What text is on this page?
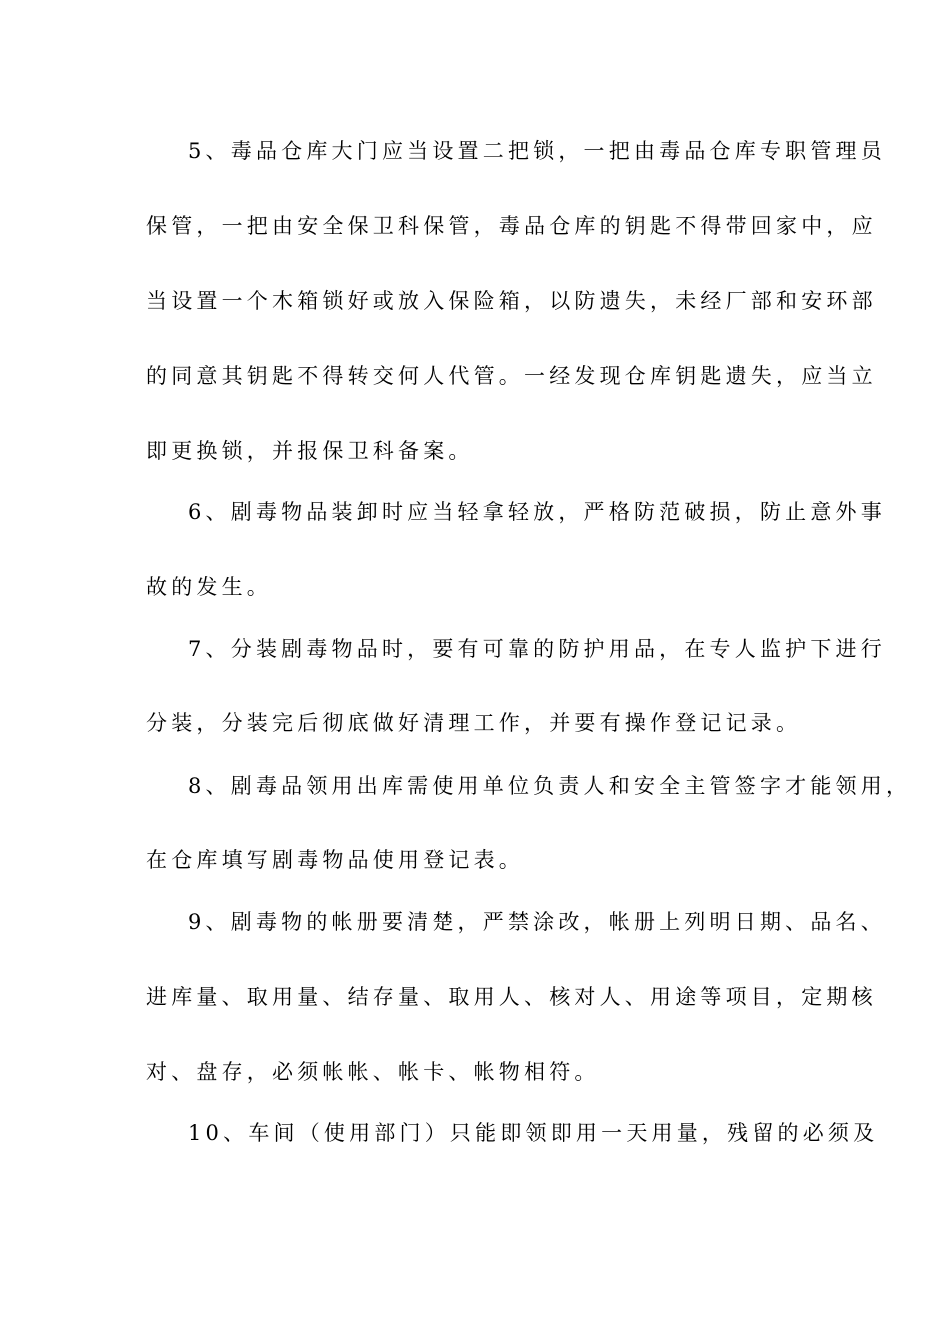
5、毒品仓库大门应当设置二把锁，一把由毒品仓库专职管理员
保管，一把由安全保卫科保管，毒品仓库的钥匙不得带回家中，应
当设置一个木箱锁好或放入保险箱，以防遗失，未经厂部和安环部
的同意其钥匙不得转交何人代管。一经发现仓库钥匙遗失，应当立
即更换锁，并报保卫科备案。
6、剧毒物品装卸时应当轻拿轻放，严格防范破损，防止意外事
故的发生。
7、分装剧毒物品时，要有可靠的防护用品，在专人监护下进行
分装，分装完后彻底做好清理工作，并要有操作登记记录。
8、剧毒品领用出库需使用单位负责人和安全主管签字才能领用，
在仓库填写剧毒物品使用登记表。
9、剧毒物的帐册要清楚，严禁涂改，帐册上列明日期、品名、
进库量、取用量、结存量、取用人、核对人、用途等项目，定期核
对、盘存，必须帐帐、帐卡、帐物相符。
10、车间（使用部门）只能即领即用一天用量，残留的必须及
